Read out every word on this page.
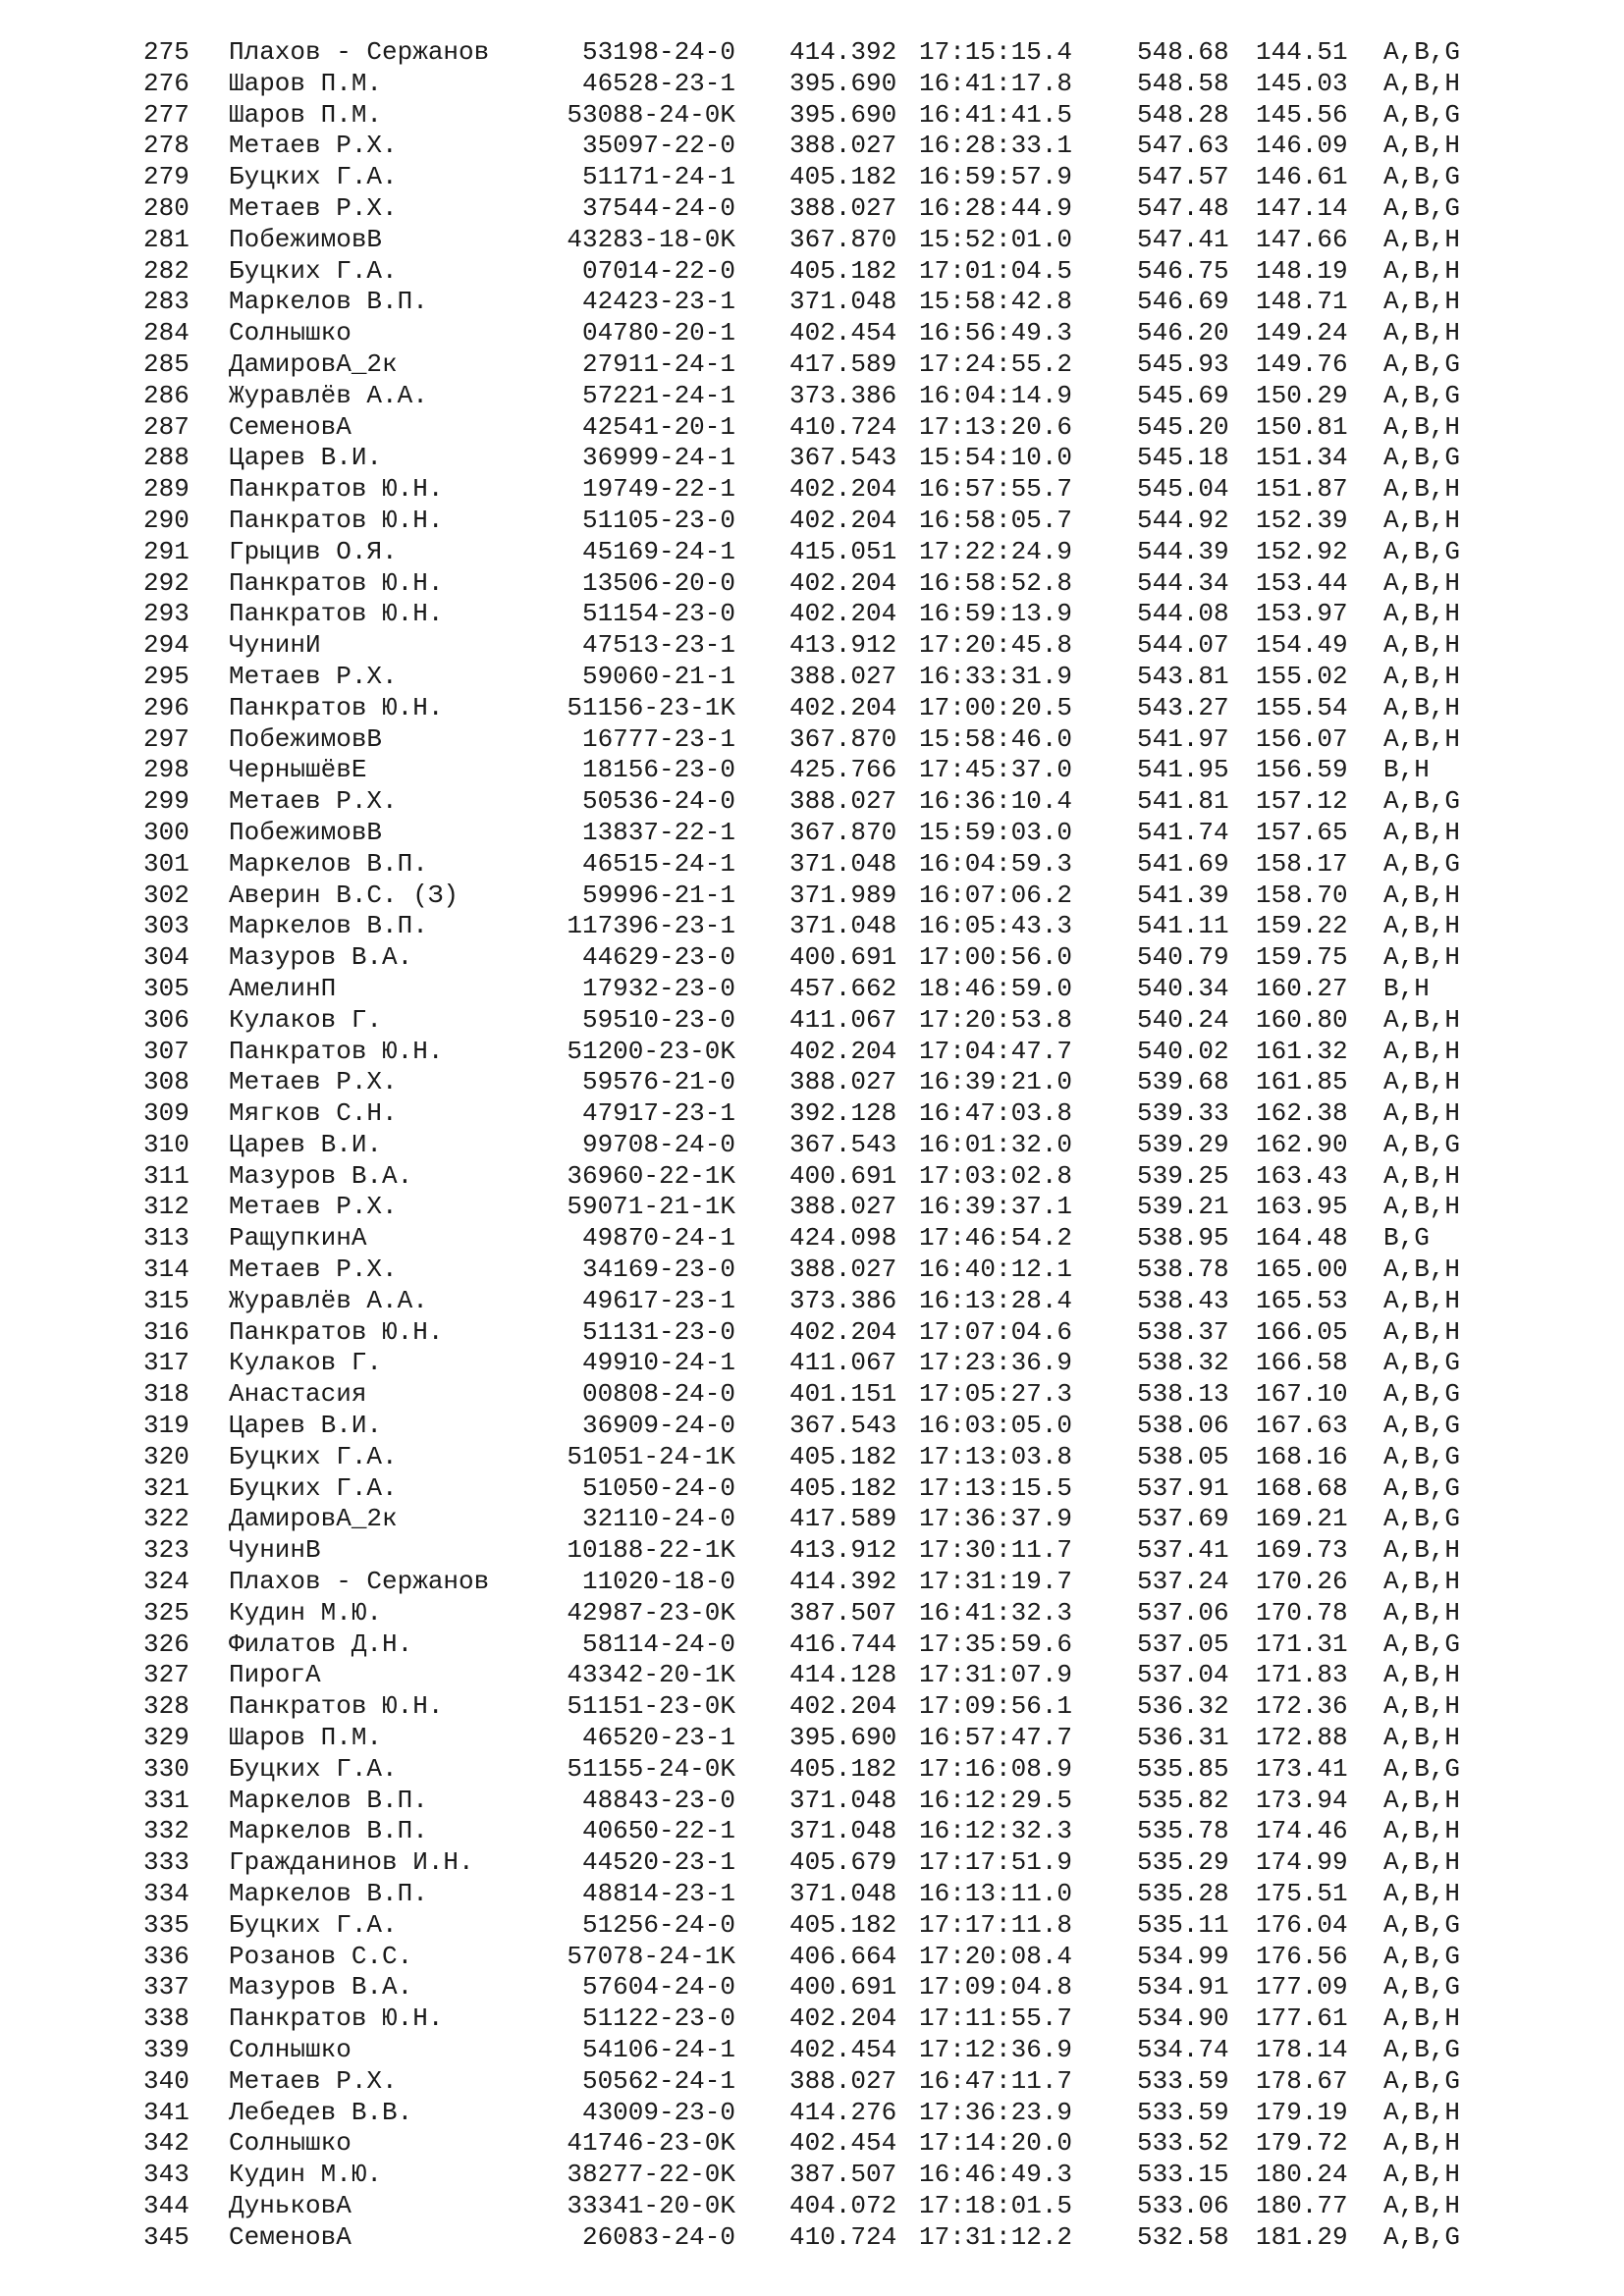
275 Плахов - Сержанов	53198-24-0 414.392 17:15:15.4	548.68 144.51 A,B,G
276 Шаров П.М.	46528-23-1 395.690 16:41:17.8	548.58 145.03 A,B,H
277 Шаров П.М.	53088-24-0K 395.690 16:41:41.5	548.28 145.56 A,B,G
278 Метаев Р.Х.	35097-22-0 388.027 16:28:33.1	547.63 146.09 A,B,H
279 Буцких Г.А.	51171-24-1 405.182 16:59:57.9	547.57 146.61 A,B,G
280 Метаев Р.Х.	37544-24-0 388.027 16:28:44.9	547.48 147.14 A,B,G
281 ПобежимовВ	43283-18-0K 367.870 15:52:01.0	547.41 147.66 A,B,H
282 Буцких Г.А.	07014-22-0 405.182 17:01:04.5	546.75 148.19 A,B,H
283 Маркелов В.П.	42423-23-1 371.048 15:58:42.8	546.69 148.71 A,B,H
284 Солнышко	04780-20-1 402.454 16:56:49.3	546.20 149.24 A,B,H
285 ДамировА_2к	27911-24-1 417.589 17:24:55.2	545.93 149.76 A,B,G
286 Журавлёв А.А.	57221-24-1 373.386 16:04:14.9	545.69 150.29 A,B,G
287 СеменовА	42541-20-1 410.724 17:13:20.6	545.20 150.81 A,B,H
288 Царев В.И.	36999-24-1 367.543 15:54:10.0	545.18 151.34 A,B,G
289 Панкратов Ю.Н.	19749-22-1 402.204 16:57:55.7	545.04 151.87 A,B,H
290 Панкратов Ю.Н.	51105-23-0 402.204 16:58:05.7	544.92 152.39 A,B,H
291 Грыцив О.Я.	45169-24-1 415.051 17:22:24.9	544.39 152.92 A,B,G
292 Панкратов Ю.Н.	13506-20-0 402.204 16:58:52.8	544.34 153.44 A,B,H
293 Панкратов Ю.Н.	51154-23-0 402.204 16:59:13.9	544.08 153.97 A,B,H
294 ЧунинИ	47513-23-1 413.912 17:20:45.8	544.07 154.49 A,B,H
295 Метаев Р.Х.	59060-21-1 388.027 16:33:31.9	543.81 155.02 A,B,H
296 Панкратов Ю.Н.	51156-23-1K 402.204 17:00:20.5	543.27 155.54 A,B,H
297 ПобежимовВ	16777-23-1 367.870 15:58:46.0	541.97 156.07 A,B,H
298 ЧернышёвЕ	18156-23-0 425.766 17:45:37.0	541.95 156.59 B,H
299 Метаев Р.Х.	50536-24-0 388.027 16:36:10.4	541.81 157.12 A,B,G
300 ПобежимовВ	13837-22-1 367.870 15:59:03.0	541.74 157.65 A,B,H
301 Маркелов В.П.	46515-24-1 371.048 16:04:59.3	541.69 158.17 A,B,G
302 Аверин В.С. (З)	59996-21-1 371.989 16:07:06.2	541.39 158.70 A,B,H
303 Маркелов В.П.	117396-23-1 371.048 16:05:43.3	541.11 159.22 A,B,H
304 Мазуров В.А.	44629-23-0 400.691 17:00:56.0	540.79 159.75 A,B,H
305 АмелинП	17932-23-0 457.662 18:46:59.0	540.34 160.27 B,H
306 Кулаков Г.	59510-23-0 411.067 17:20:53.8	540.24 160.80 A,B,H
307 Панкратов Ю.Н.	51200-23-0K 402.204 17:04:47.7	540.02 161.32 A,B,H
308 Метаев Р.Х.	59576-21-0 388.027 16:39:21.0	539.68 161.85 A,B,H
309 Мягков С.Н.	47917-23-1 392.128 16:47:03.8	539.33 162.38 A,B,H
310 Царев В.И.	99708-24-0 367.543 16:01:32.0	539.29 162.90 A,B,G
311 Мазуров В.А.	36960-22-1K 400.691 17:03:02.8	539.25 163.43 A,B,H
312 Метаев Р.Х.	59071-21-1K 388.027 16:39:37.1	539.21 163.95 A,B,H
313 РащупкинА	49870-24-1 424.098 17:46:54.2	538.95 164.48 B,G
314 Метаев Р.Х.	34169-23-0 388.027 16:40:12.1	538.78 165.00 A,B,H
315 Журавлёв А.А.	49617-23-1 373.386 16:13:28.4	538.43 165.53 A,B,H
316 Панкратов Ю.Н.	51131-23-0 402.204 17:07:04.6	538.37 166.05 A,B,H
317 Кулаков Г.	49910-24-1 411.067 17:23:36.9	538.32 166.58 A,B,G
318 Анастасия	00808-24-0 401.151 17:05:27.3	538.13 167.10 A,B,G
319 Царев В.И.	36909-24-0 367.543 16:03:05.0	538.06 167.63 A,B,G
320 Буцких Г.А.	51051-24-1K 405.182 17:13:03.8	538.05 168.16 A,B,G
321 Буцких Г.А.	51050-24-0 405.182 17:13:15.5	537.91 168.68 A,B,G
322 ДамировА_2к	32110-24-0 417.589 17:36:37.9	537.69 169.21 A,B,G
323 ЧунинВ	10188-22-1K 413.912 17:30:11.7	537.41 169.73 A,B,H
324 Плахов - Сержанов	11020-18-0 414.392 17:31:19.7	537.24 170.26 A,B,H
325 Кудин М.Ю.	42987-23-0K 387.507 16:41:32.3	537.06 170.78 A,B,H
326 Филатов Д.Н.	58114-24-0 416.744 17:35:59.6	537.05 171.31 A,B,G
327 ПирогА	43342-20-1K 414.128 17:31:07.9	537.04 171.83 A,B,H
328 Панкратов Ю.Н.	51151-23-0K 402.204 17:09:56.1	536.32 172.36 A,B,H
329 Шаров П.М.	46520-23-1 395.690 16:57:47.7	536.31 172.88 A,B,H
330 Буцких Г.А.	51155-24-0K 405.182 17:16:08.9	535.85 173.41 A,B,G
331 Маркелов В.П.	48843-23-0 371.048 16:12:29.5	535.82 173.94 A,B,H
332 Маркелов В.П.	40650-22-1 371.048 16:12:32.3	535.78 174.46 A,B,H
333 Гражданинов И.Н.	44520-23-1 405.679 17:17:51.9	535.29 174.99 A,B,H
334 Маркелов В.П.	48814-23-1 371.048 16:13:11.0	535.28 175.51 A,B,H
335 Буцких Г.А.	51256-24-0 405.182 17:17:11.8	535.11 176.04 A,B,G
336 Розанов С.С.	57078-24-1K 406.664 17:20:08.4	534.99 176.56 A,B,G
337 Мазуров В.А.	57604-24-0 400.691 17:09:04.8	534.91 177.09 A,B,G
338 Панкратов Ю.Н.	51122-23-0 402.204 17:11:55.7	534.90 177.61 A,B,H
339 Солнышко	54106-24-1 402.454 17:12:36.9	534.74 178.14 A,B,G
340 Метаев Р.Х.	50562-24-1 388.027 16:47:11.7	533.59 178.67 A,B,G
341 Лебедев В.В.	43009-23-0 414.276 17:36:23.9	533.59 179.19 A,B,H
342 Солнышко	41746-23-0K 402.454 17:14:20.0	533.52 179.72 A,B,H
343 Кудин М.Ю.	38277-22-0K 387.507 16:46:49.3	533.15 180.24 A,B,H
344 ДуньковА	33341-20-0K 404.072 17:18:01.5	533.06 180.77 A,B,H
345 СеменовА	26083-24-0 410.724 17:31:12.2	532.58 181.29 A,B,G
